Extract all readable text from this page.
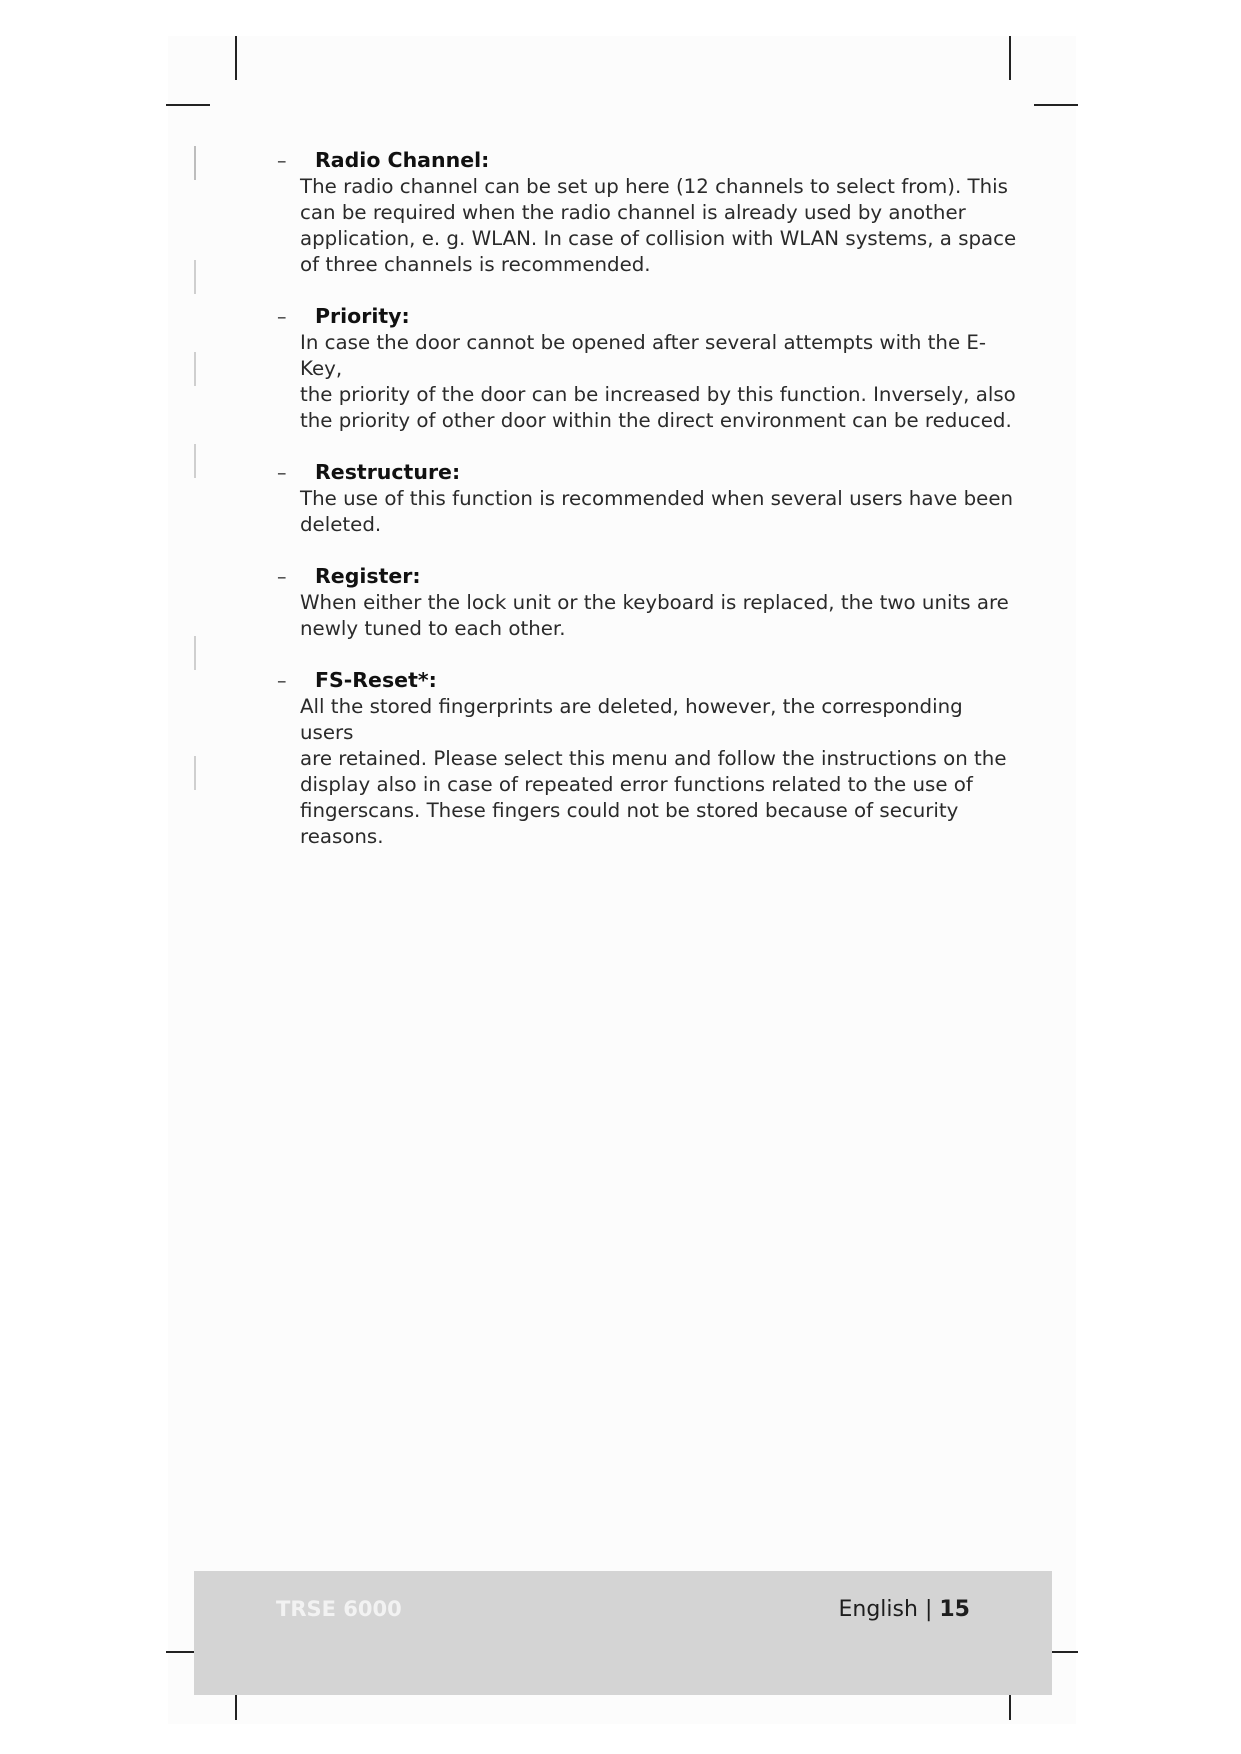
–	Radio Channel:
The radio channel can be set up here (12 channels to select from). This
can be required when the radio channel is already used by another
application, e. g. WLAN. In case of collision with WLAN systems, a space
of three channels is recommended.
–	Priority:
In case the door cannot be opened after several attempts with the E-Key,
the priority of the door can be increased by this function. Inversely, also
the priority of other door within the direct environment can be reduced.
–	Restructure:
The use of this function is recommended when several users have been
deleted.
–	Register:
When either the lock unit or the keyboard is replaced, the two units are
newly tuned to each other.
–	FS-Reset*:
All the stored fingerprints are deleted, however, the corresponding users
are retained. Please select this menu and follow the instructions on the
display also in case of repeated error functions related to the use of
fingerscans. These fingers could not be stored because of security reasons.
TRSE 6000	English | 15
